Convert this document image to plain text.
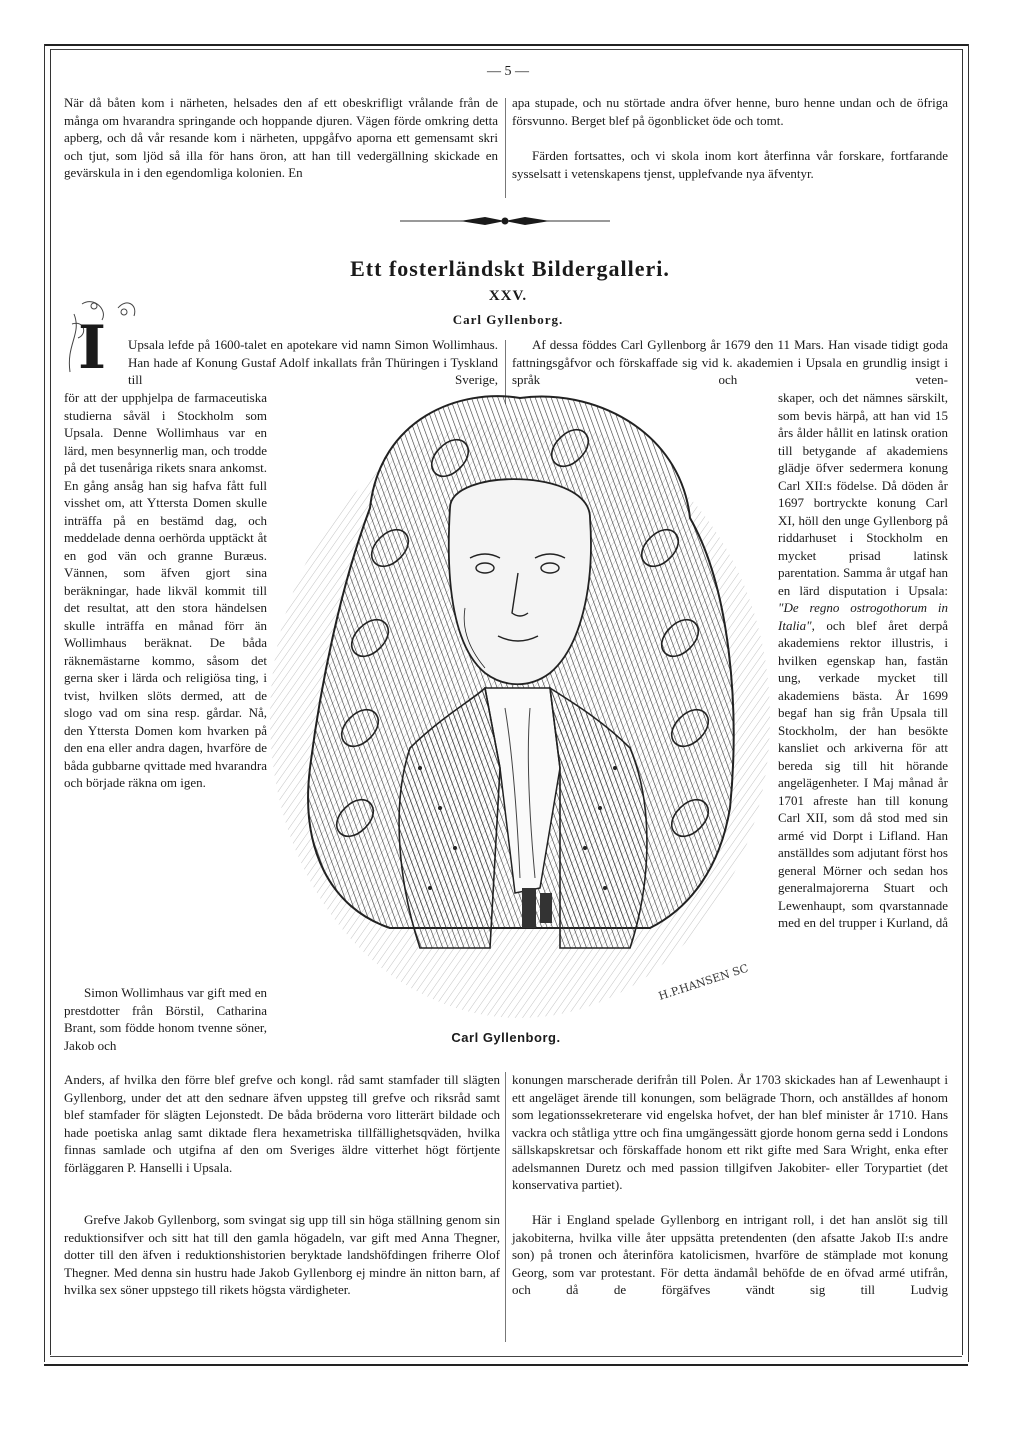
— 5 —

När då båten kom i närheten, helsades den af ett obeskrifligt vrålande från de många om hvarandra springande och hoppande djuren. Vägen förde omkring detta apberg, och då vår resande kom i närheten, uppgåfvo aporna ett gemensamt skri och tjut, som ljöd så illa för hans öron, att han till vedergällning skickade en gevärskula in i den egendomliga kolonien. En

apa stupade, och nu störtade andra öfver henne, buro henne undan och de öfriga försvunno. Berget blef på ögonblicket öde och tomt.

Färden fortsattes, och vi skola inom kort återfinna vår forskare, fortfarande sysselsatt i vetenskapens tjenst, upplefvande nya äfventyr.

Ett fosterländskt Bildergalleri.

XXV.

Carl Gyllenborg.

I Upsala lefde på 1600-talet en apotekare vid namn Simon Wollimhaus. Han hade af Konung Gustaf Adolf inkallats från Thüringen i Tyskland till Sverige,

för att der upphjelpa de farmaceutiska studierna såväl i Stockholm som Upsala. Denne Wollimhaus var en lärd, men besynnerlig man, och trodde på det tusenåriga rikets snara ankomst. En gång ansåg han sig hafva fått full visshet om, att Yttersta Domen skulle inträffa på en bestämd dag, och meddelade denna oerhörda upptäckt åt en god vän och granne Buræus. Vännen, som äfven gjort sina beräkningar, hade likväl kommit till det resultat, att den stora händelsen skulle inträffa en månad förr än Wollimhaus beräknat. De båda räknemästarne kommo, såsom det gerna sker i lärda och religiösa ting, i tvist, hvilken slöts dermed, att de slogo vad om sina resp. gårdar. Nå, den Yttersta Domen kom hvarken på den ena eller andra dagen, hvarföre de båda gubbarne qvittade med hvarandra och började räkna om igen.

Simon Wollimhaus var gift med en prestdotter från Börstil, Catharina Brant, som födde honom tvenne söner, Jakob och

Anders, af hvilka den förre blef grefve och kongl. råd samt stamfader till slägten Gyllenborg, under det att den sednare äfven uppsteg till grefve och riksråd samt blef stamfader för slägten Lejonstedt. De båda bröderna voro litterärt bildade och hade poetiska anlag samt diktade flera hexametriska tillfällighetsqväden, hvilka finnas samlade och utgifna af den om Sveriges äldre vitterhet högt förtjente förläggaren P. Hanselli i Upsala.

Grefve Jakob Gyllenborg, som svingat sig upp till sin höga ställning genom sin reduktionsifver och sitt hat till den gamla högadeln, var gift med Anna Thegner, dotter till den äfven i reduktionshistorien beryktade landshöfdingen friherre Olof Thegner. Med denna sin hustru hade Jakob Gyllenborg ej mindre än nitton barn, af hvilka sex söner uppstego till rikets högsta värdigheter.

Af dessa föddes Carl Gyllenborg år 1679 den 11 Mars. Han visade tidigt goda fattningsgåfvor och förskaffade sig vid k. akademien i Upsala en grundlig insigt i språk och veten-

skaper, och det nämnes särskilt, som bevis härpå, att han vid 15 års ålder hållit en latinsk oration till betygande af akademiens glädje öfver sedermera konung Carl XII:s födelse. Då döden år 1697 bortryckte konung Carl XI, höll den unge Gyllenborg på riddarhuset i Stockholm en mycket prisad latinsk parentation. Samma år utgaf han en lärd disputation i Upsala: "De regno ostrogothorum in Italia", och blef året derpå akademiens rektor illustris, i hvilken egenskap han, fastän ung, verkade mycket till akademiens bästa. År 1699 begaf han sig från Upsala till Stockholm, der han besökte kansliet och arkiverna för att bereda sig till hit hörande angelägenheter. I Maj månad år 1701 afreste han till konung Carl XII, som då stod med sin armé vid Dorpt i Lifland. Han anställdes som adjutant först hos general Mörner och sedan hos generalmajorerna Stuart och Lewenhaupt, som qvarstannade med en del trupper i Kurland, då

konungen marscherade derifrån till Polen. År 1703 skickades han af Lewenhaupt i ett angeläget ärende till konungen, som belägrade Thorn, och anställdes af honom som legationssekreterare vid engelska hofvet, der han blef minister år 1710. Hans vackra och ståtliga yttre och fina umgängessätt gjorde honom gerna sedd i Londons sällskapskretsar och förskaffade honom ett rikt gifte med Sara Wright, enka efter adelsmannen Duretz och med passion tillgifven Jakobiter- eller Torypartiet (det konservativa partiet).

Här i England spelade Gyllenborg en intrigant roll, i det han anslöt sig till jakobiterna, hvilka ville åter uppsätta pretendenten (den afsatte Jakob II:s andre son) på tronen och återinföra katolicismen, hvarföre de stämplade mot konung Georg, som var protestant. För detta ändamål behöfde de en öfvad armé utifrån, och då de förgäfves vändt sig till Ludvig

H.P.HANSEN SC

Carl Gyllenborg.
